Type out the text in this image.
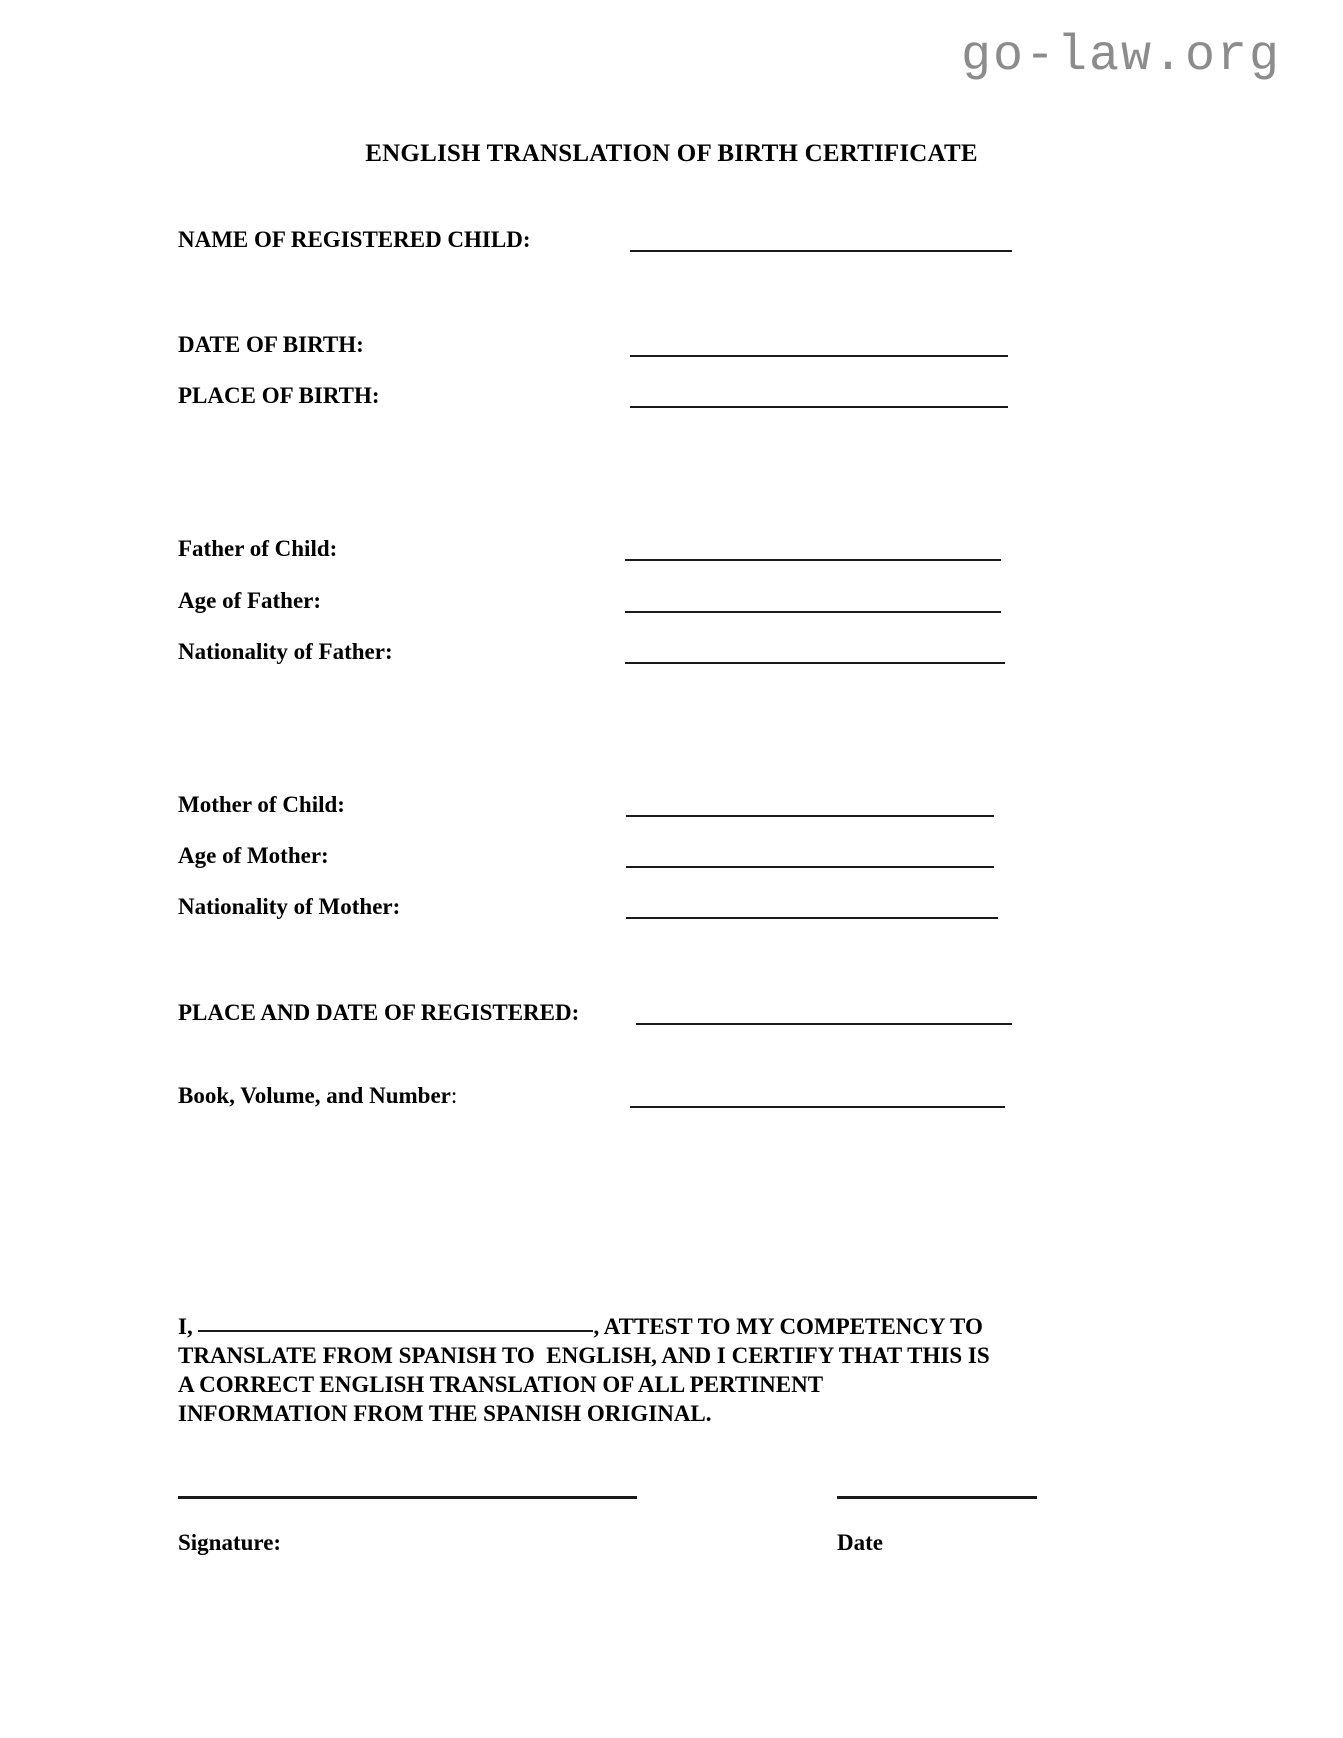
go-law.org
ENGLISH TRANSLATION OF BIRTH CERTIFICATE
NAME OF REGISTERED CHILD:
DATE OF BIRTH:
PLACE OF BIRTH:
Father of Child:
Age of Father:
Nationality of Father:
Mother of Child:
Age of Mother:
Nationality of Mother:
PLACE AND DATE OF REGISTERED:
Book, Volume, and Number:
I,	, ATTEST TO MY COMPETENCY TO
TRANSLATE FROM SPANISH TO  ENGLISH, AND I CERTIFY THAT THIS IS
A CORRECT ENGLISH TRANSLATION OF ALL PERTINENT
INFORMATION FROM THE SPANISH ORIGINAL.
Signature:	Date
